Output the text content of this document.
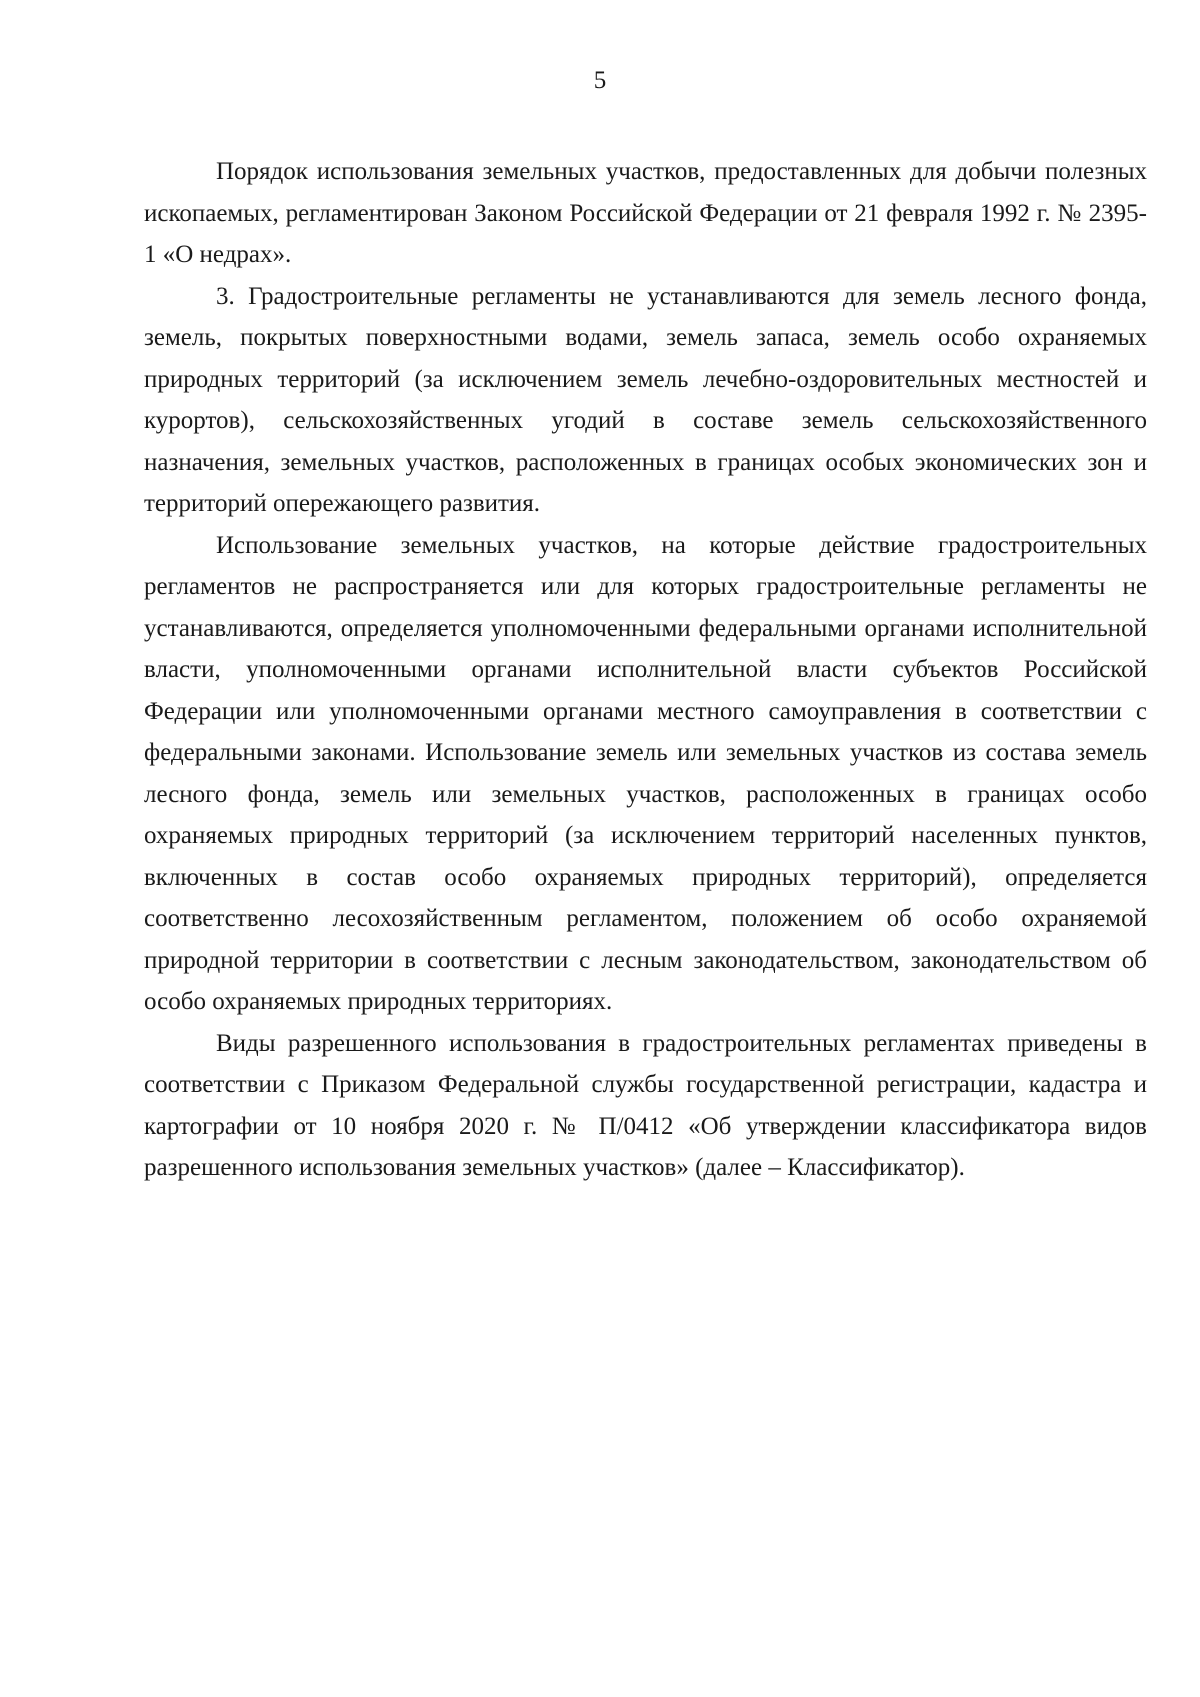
5

Порядок использования земельных участков, предоставленных для добычи полезных ископаемых, регламентирован Законом Российской Федерации от 21 февраля 1992 г. № 2395-1 «О недрах».

3. Градостроительные регламенты не устанавливаются для земель лесного фонда, земель, покрытых поверхностными водами, земель запаса, земель особо охраняемых природных территорий (за исключением земель лечебно-оздоровительных местностей и курортов), сельскохозяйственных угодий в составе земель сельскохозяйственного назначения, земельных участков, расположенных в границах особых экономических зон и территорий опережающего развития.

Использование земельных участков, на которые действие градостроительных регламентов не распространяется или для которых градостроительные регламенты не устанавливаются, определяется уполномоченными федеральными органами исполнительной власти, уполномоченными органами исполнительной власти субъектов Российской Федерации или уполномоченными органами местного самоуправления в соответствии с федеральными законами. Использование земель или земельных участков из состава земель лесного фонда, земель или земельных участков, расположенных в границах особо охраняемых природных территорий (за исключением территорий населенных пунктов, включенных в состав особо охраняемых природных территорий), определяется соответственно лесохозяйственным регламентом, положением об особо охраняемой природной территории в соответствии с лесным законодательством, законодательством об особо охраняемых природных территориях.

Виды разрешенного использования в градостроительных регламентах приведены в соответствии с Приказом Федеральной службы государственной регистрации, кадастра и картографии от 10 ноября 2020 г. № П/0412 «Об утверждении классификатора видов разрешенного использования земельных участков» (далее – Классификатор).
